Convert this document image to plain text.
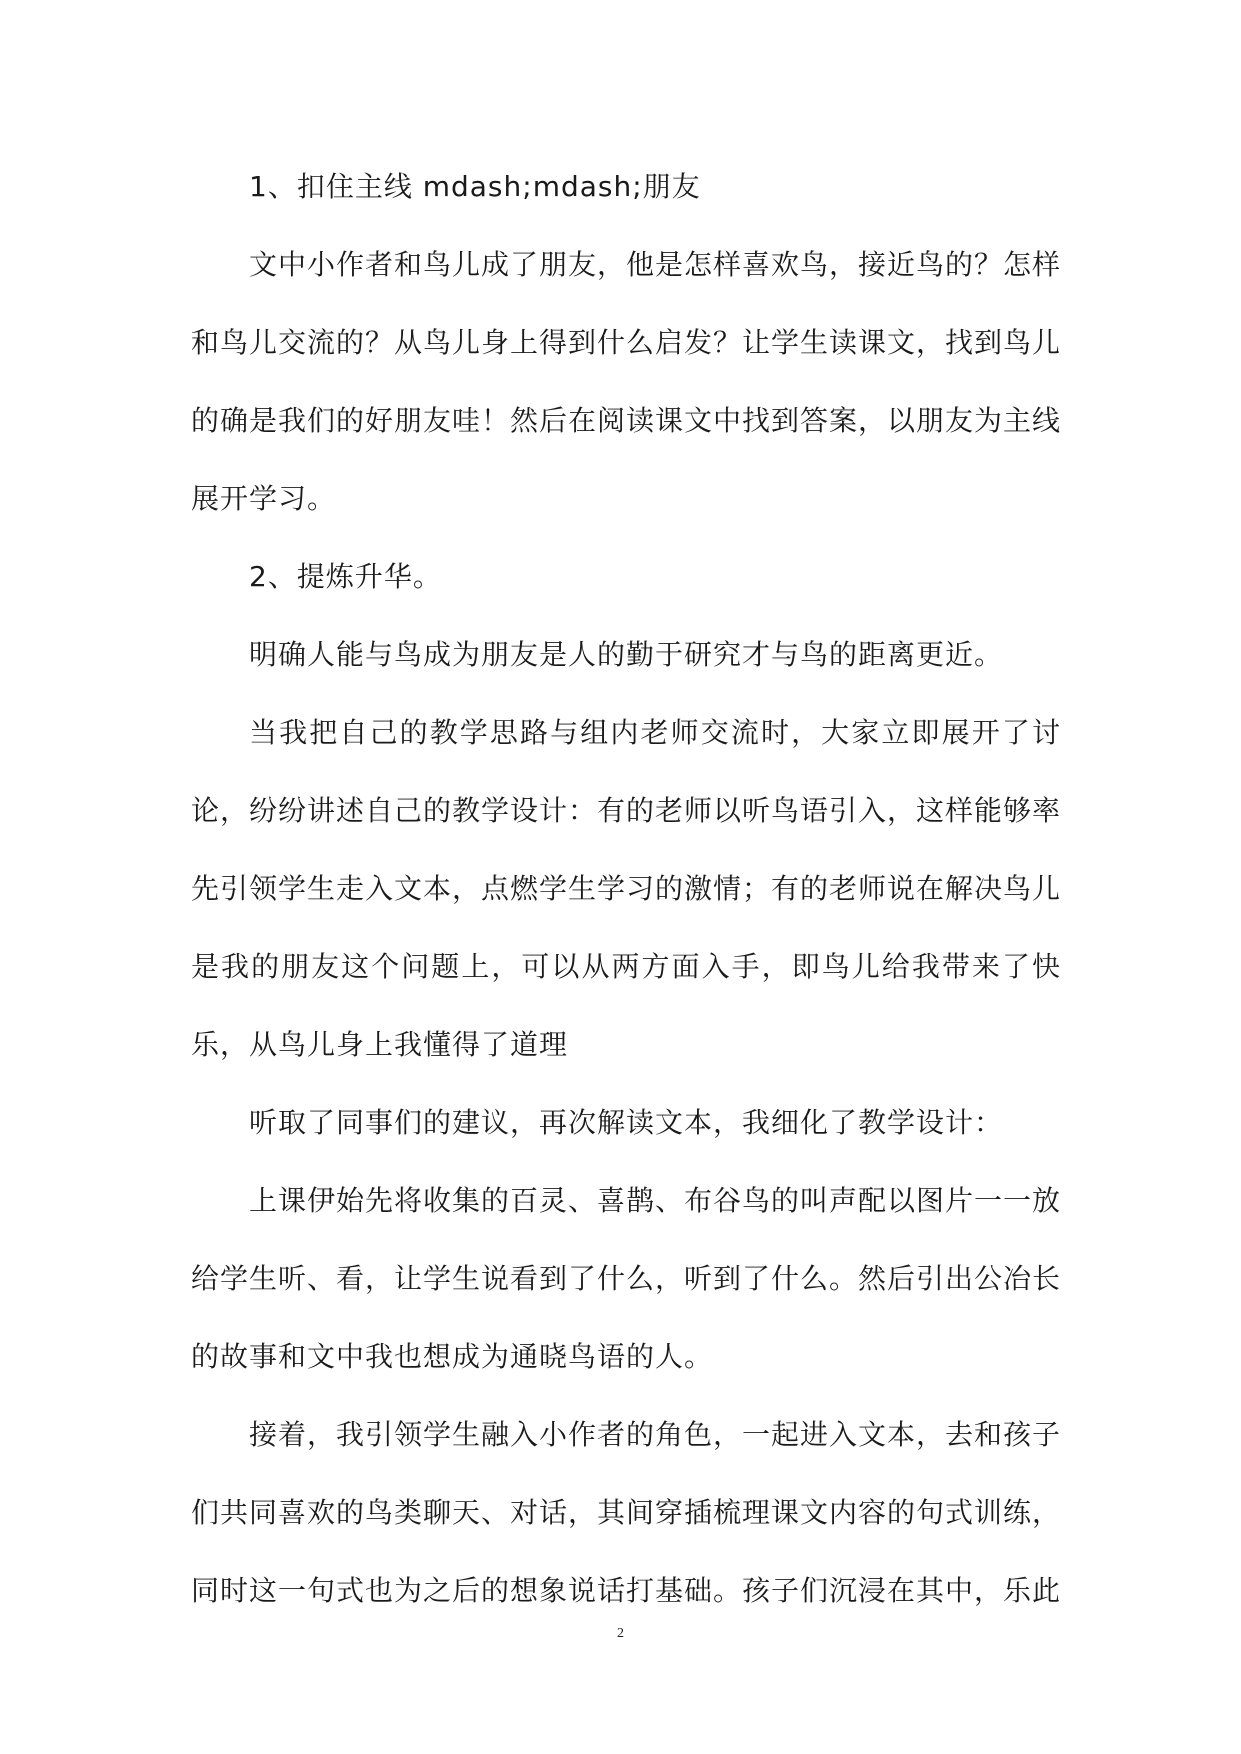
1、扣住主线 mdash;mdash;朋友

文中小作者和鸟儿成了朋友，他是怎样喜欢鸟，接近鸟的？怎样和鸟儿交流的？从鸟儿身上得到什么启发？让学生读课文，找到鸟儿的确是我们的好朋友哇！然后在阅读课文中找到答案，以朋友为主线展开学习。

2、提炼升华。

明确人能与鸟成为朋友是人的勤于研究才与鸟的距离更近。

当我把自己的教学思路与组内老师交流时，大家立即展开了讨论，纷纷讲述自己的教学设计：有的老师以听鸟语引入，这样能够率先引领学生走入文本，点燃学生学习的激情；有的老师说在解决鸟儿是我的朋友这个问题上，可以从两方面入手，即鸟儿给我带来了快乐，从鸟儿身上我懂得了道理

听取了同事们的建议，再次解读文本，我细化了教学设计：

上课伊始先将收集的百灵、喜鹊、布谷鸟的叫声配以图片一一放给学生听、看，让学生说看到了什么，听到了什么。然后引出公冶长的故事和文中我也想成为通晓鸟语的人。

接着，我引领学生融入小作者的角色，一起进入文本，去和孩子们共同喜欢的鸟类聊天、对话，其间穿插梳理课文内容的句式训练，同时这一句式也为之后的想象说话打基础。孩子们沉浸在其中，乐此

2
